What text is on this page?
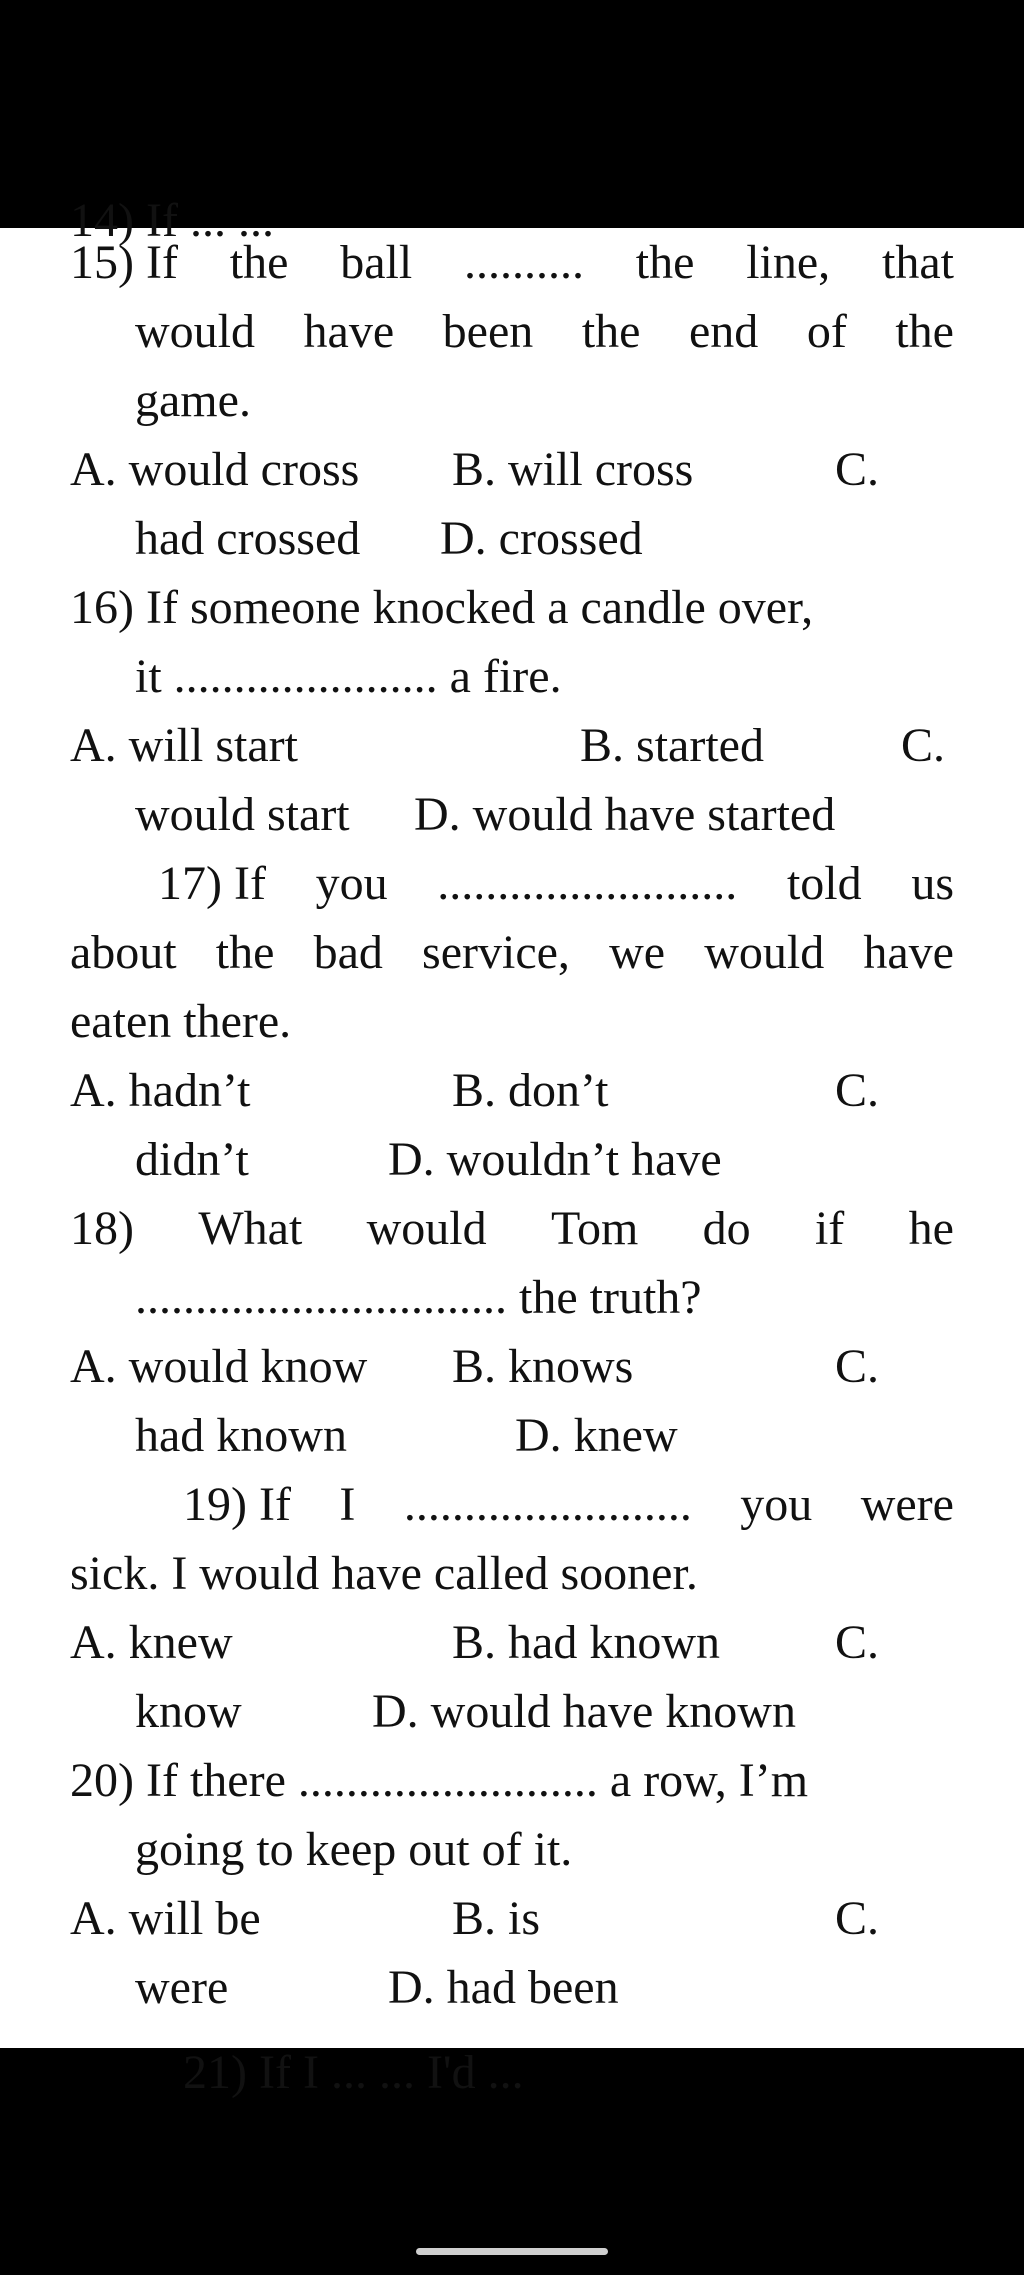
14) If ... ...
15) If the ball .......... the line, that
would have been the end of the
game.
A. would cross B. will cross	C.
had crossed D. crossed
16) If someone knocked a candle over,
it ...................... a fire.
A. will start	B. started	C.
would start D. would have started
17) If you ......................... told us
about the bad service, we would have
eaten there.
A. hadn’t	B. don’t	C.
didn’t	D. wouldn’t have
18) What would Tom do if he
............................... the truth?
A. would know B. knows	C.
had known	D. knew
19) If I ........................ you were
sick. I would have called sooner.
A. knew	B. had known C.
know	D. would have known
20) If there ......................... a row, I’m
going to keep out of it.
A. will be	B. is	C.
were	D. had been
21) If I ... ... I'd ...
